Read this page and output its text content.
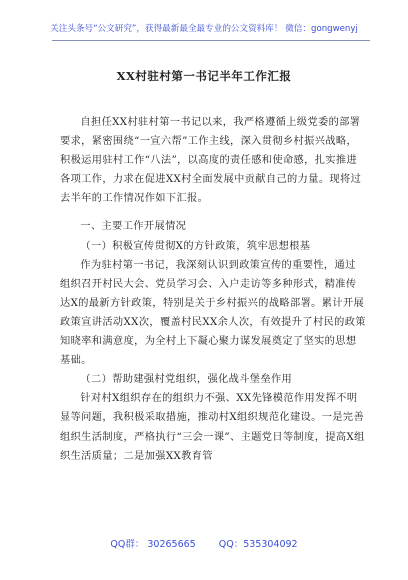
关注头条号“公文研究”，获得最新最全最专业的公文资料库！ 微信：gongwenyj
XX村驻村第一书记半年工作汇报

自担任XX村驻村第一书记以来，我严格遵循上级党委的部署要求，紧密围绕“一宣六帮”工作主线，深入贯彻乡村振兴战略，积极运用驻村工作“八法”，以高度的责任感和使命感，扎实推进各项工作，力求在促进XX村全面发展中贡献自己的力量。现将过去半年的工作情况作如下汇报。

一、主要工作开展情况

（一）积极宣传贯彻X的方针政策，筑牢思想根基

作为驻村第一书记，我深刻认识到政策宣传的重要性，通过组织召开村民大会、党员学习会、入户走访等多种形式，精准传达X的最新方针政策，特别是关于乡村振兴的战略部署。累计开展政策宣讲活动XX次，覆盖村民XX余人次，有效提升了村民的政策知晓率和满意度，为全村上下凝心聚力谋发展奠定了坚实的思想基础。

（二）帮助建强村党组织，强化战斗堡垒作用

针对村X组织存在的组织力不强、XX先锋模范作用发挥不明显等问题，我积极采取措施，推动村X组织规范化建设。一是完善组织生活制度，严格执行“三会一课”、主题党日等制度，提高X组织生活质量；二是加强XX教育管

QQ群： 30265665 QQ：535304092
